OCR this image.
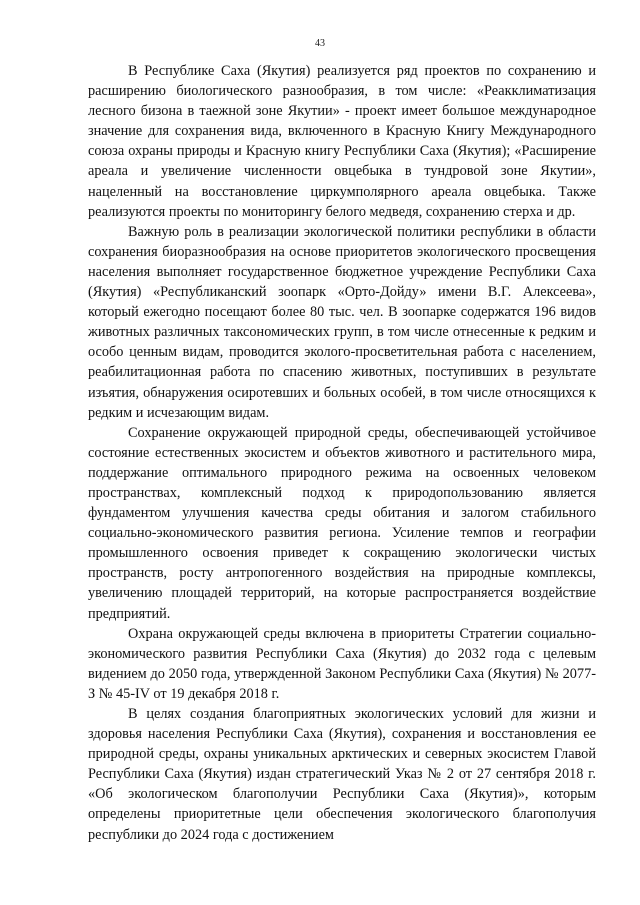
43

В Республике Саха (Якутия) реализуется ряд проектов по сохранению и расширению биологического разнообразия, в том числе: «Реакклиматизация лесного бизона в таежной зоне Якутии» - проект имеет большое международное значение для сохранения вида, включенного в Красную Книгу Международного союза охраны природы и Красную книгу Республики Саха (Якутия); «Расширение ареала и увеличение численности овцебыка в тундровой зоне Якутии», нацеленный на восстановление циркумполярного ареала овцебыка. Также реализуются проекты по мониторингу белого медведя, сохранению стерха и др.

Важную роль в реализации экологической политики республики в области сохранения биоразнообразия на основе приоритетов экологического просвещения населения выполняет государственное бюджетное учреждение Республики Саха (Якутия) «Республиканский зоопарк «Орто-Дойду» имени В.Г. Алексеева», который ежегодно посещают более 80 тыс. чел. В зоопарке содержатся 196 видов животных различных таксономических групп, в том числе отнесенные к редким и особо ценным видам, проводится эколого-просветительная работа с населением, реабилитационная работа по спасению животных, поступивших в результате изъятия, обнаружения осиротевших и больных особей, в том числе относящихся к редким и исчезающим видам.

Сохранение окружающей природной среды, обеспечивающей устойчивое состояние естественных экосистем и объектов животного и растительного мира, поддержание оптимального природного режима на освоенных человеком пространствах, комплексный подход к природопользованию является фундаментом улучшения качества среды обитания и залогом стабильного социально-экономического развития региона. Усиление темпов и географии промышленного освоения приведет к сокращению экологически чистых пространств, росту антропогенного воздействия на природные комплексы, увеличению площадей территорий, на которые распространяется воздействие предприятий.

Охрана окружающей среды включена в приоритеты Стратегии социально-экономического развития Республики Саха (Якутия) до 2032 года с целевым видением до 2050 года, утвержденной Законом Республики Саха (Якутия) № 2077-З № 45-IV от 19 декабря 2018 г.

В целях создания благоприятных экологических условий для жизни и здоровья населения Республики Саха (Якутия), сохранения и восстановления ее природной среды, охраны уникальных арктических и северных экосистем Главой Республики Саха (Якутия) издан стратегический Указ № 2 от 27 сентября 2018 г. «Об экологическом благополучии Республики Саха (Якутия)», которым определены приоритетные цели обеспечения экологического благополучия республики до 2024 года с достижением
